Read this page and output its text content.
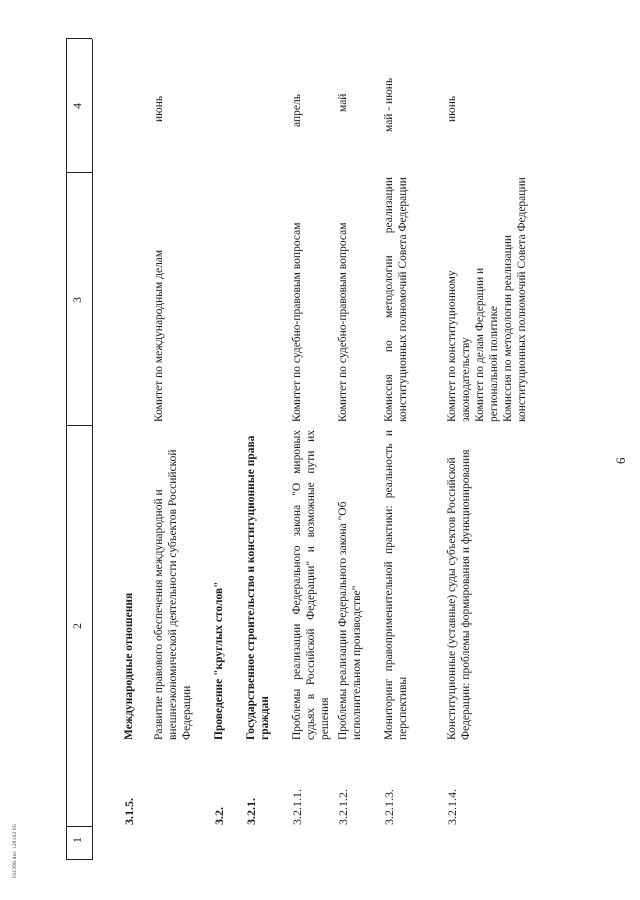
6
1
2
3
4
3.1.5.
Международные отношения Развитие правового обеспечения международной и внешнеэкономической деятельности субъектов Российской Федерации
Комитет по международным делам
июнь
3.2.
Проведение "круглых столов"
3.2.1.
Государственное строительство и конституционные права граждан
3.2.1.1.
Проблемы реализации Федерального закона "О мировых судьях в Российской Федерации" и возможные пути их решения
Комитет по судебно-правовым вопросам
апрель
3.2.1.2.
Проблемы реализации Федерального закона "Об исполнительном производстве"
Комитет по судебно-правовым вопросам
май
3.2.1.3.
Мониторинг правоприменительной практики: реальность и перспективы
Комиссия по методологии реализации конституционных полномочий Совета Федерации
май - июнь
3.2.1.4.
Конституционные (уставные) суды субъектов Российской Федерации: проблемы формирования и функционирования
Комитет по конституционному законодательству Комитет по делам Федерации и региональной политике Комиссия по методологии реализации конституционных полномочий Совета Федерации
июнь
ISIЭ96.doc 120102 65
